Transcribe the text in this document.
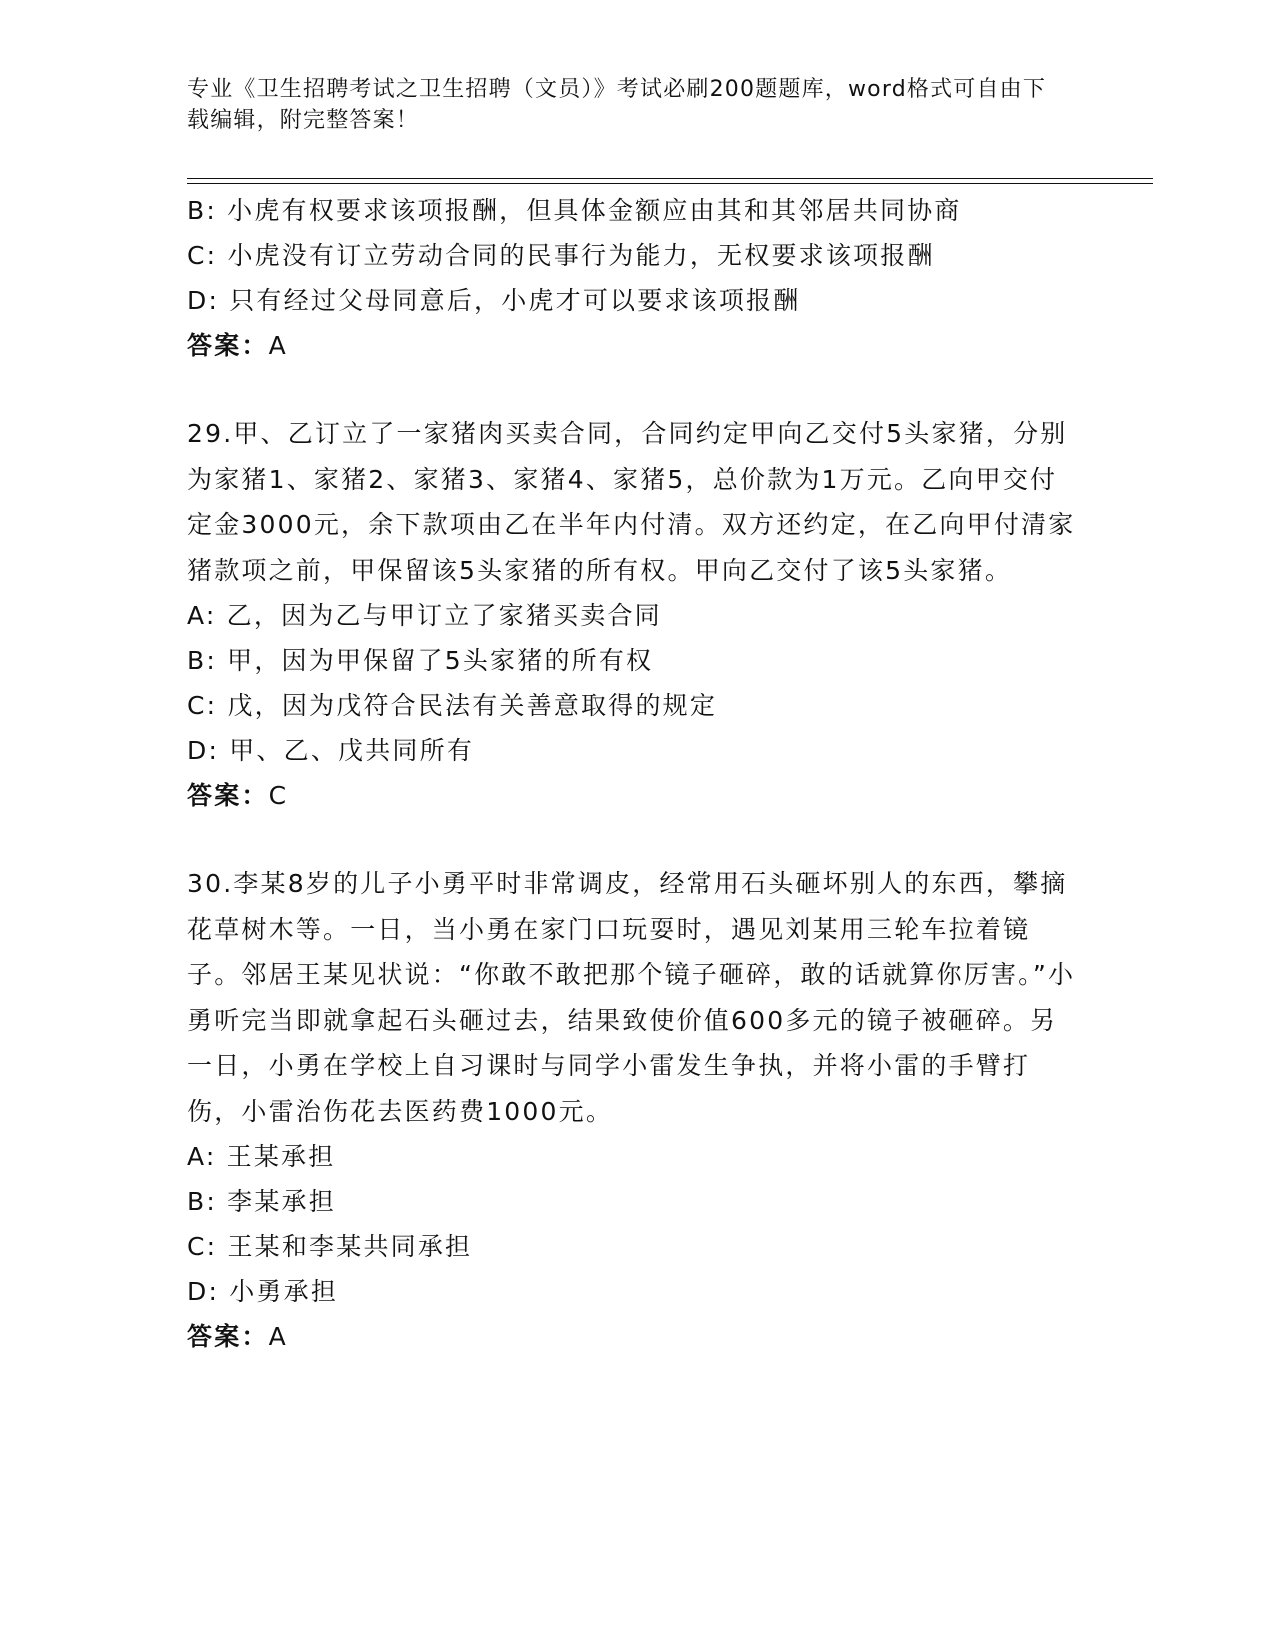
专业《卫生招聘考试之卫生招聘（文员）》考试必刷200题题库，word格式可自由下载编辑，附完整答案！
B: 小虎有权要求该项报酬，但具体金额应由其和其邻居共同协商
C: 小虎没有订立劳动合同的民事行为能力，无权要求该项报酬
D: 只有经过父母同意后，小虎才可以要求该项报酬
答案：A
29.甲、乙订立了一家猪肉买卖合同，合同约定甲向乙交付5头家猪，分别为家猪1、家猪2、家猪3、家猪4、家猪5，总价款为1万元。乙向甲交付定金3000元，余下款项由乙在半年内付清。双方还约定，在乙向甲付清家猪款项之前，甲保留该5头家猪的所有权。甲向乙交付了该5头家猪。
A: 乙，因为乙与甲订立了家猪买卖合同
B: 甲，因为甲保留了5头家猪的所有权
C: 戊，因为戊符合民法有关善意取得的规定
D: 甲、乙、戊共同所有
答案：C
30.李某8岁的儿子小勇平时非常调皮，经常用石头砸坏别人的东西，攀摘花草树木等。一日，当小勇在家门口玩耍时，遇见刘某用三轮车拉着镜子。邻居王某见状说：“你敢不敢把那个镜子砸碎，敢的话就算你厉害。”小勇听完当即就拿起石头砸过去，结果致使价值600多元的镜子被砸碎。另一日，小勇在学校上自习课时与同学小雷发生争执，并将小雷的手臂打伤，小雷治伤花去医药费1000元。
A: 王某承担
B: 李某承担
C: 王某和李某共同承担
D: 小勇承担
答案：A
